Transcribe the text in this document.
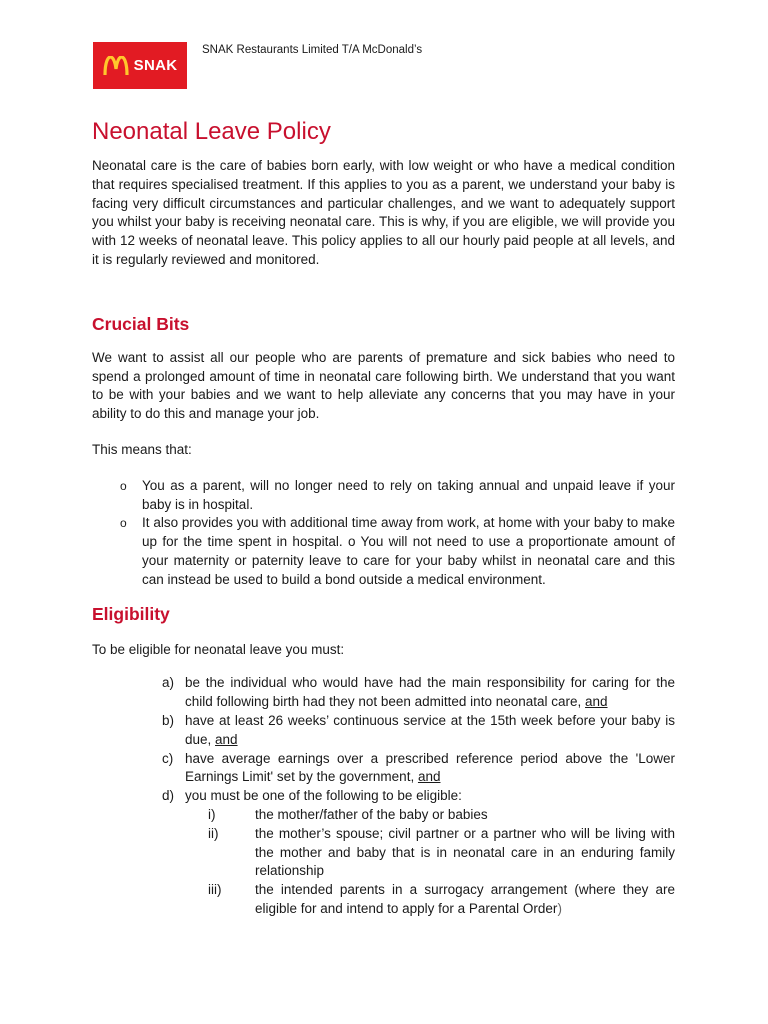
SNAK
SNAK Restaurants Limited T/A McDonald’s
Neonatal Leave Policy

Neonatal care is the care of babies born early, with low weight or who have a medical condition that requires specialised treatment. If this applies to you as a parent, we understand your baby is facing very difficult circumstances and particular challenges, and we want to adequately support you whilst your baby is receiving neonatal care. This is why, if you are eligible, we will provide you with 12 weeks of neonatal leave. This policy applies to all our hourly paid people at all levels, and it is regularly reviewed and monitored.

Crucial Bits

We want to assist all our people who are parents of premature and sick babies who need to spend a prolonged amount of time in neonatal care following birth. We understand that you want to be with your babies and we want to help alleviate any concerns that you may have in your ability to do this and manage your job.

This means that:

o You as a parent, will no longer need to rely on taking annual and unpaid leave if your baby is in hospital.
o It also provides you with additional time away from work, at home with your baby to make up for the time spent in hospital. o You will not need to use a proportionate amount of your maternity or paternity leave to care for your baby whilst in neonatal care and this can instead be used to build a bond outside a medical environment.
Eligibility

To be eligible for neonatal leave you must:

a) be the individual who would have had the main responsibility for caring for the child following birth had they not been admitted into neonatal care, and
b) have at least 26 weeks’ continuous service at the 15th week before your baby is due, and
c) have average earnings over a prescribed reference period above the 'Lower Earnings Limit' set by the government, and
d) you must be one of the following to be eligible:
i)	the mother/father of the baby or babies
ii)	the mother’s spouse; civil partner or a partner who will be living with the mother and baby that is in neonatal care in an enduring family relationship
iii) the intended parents in a surrogacy arrangement (where they are eligible for and intend to apply for a Parental Order)
